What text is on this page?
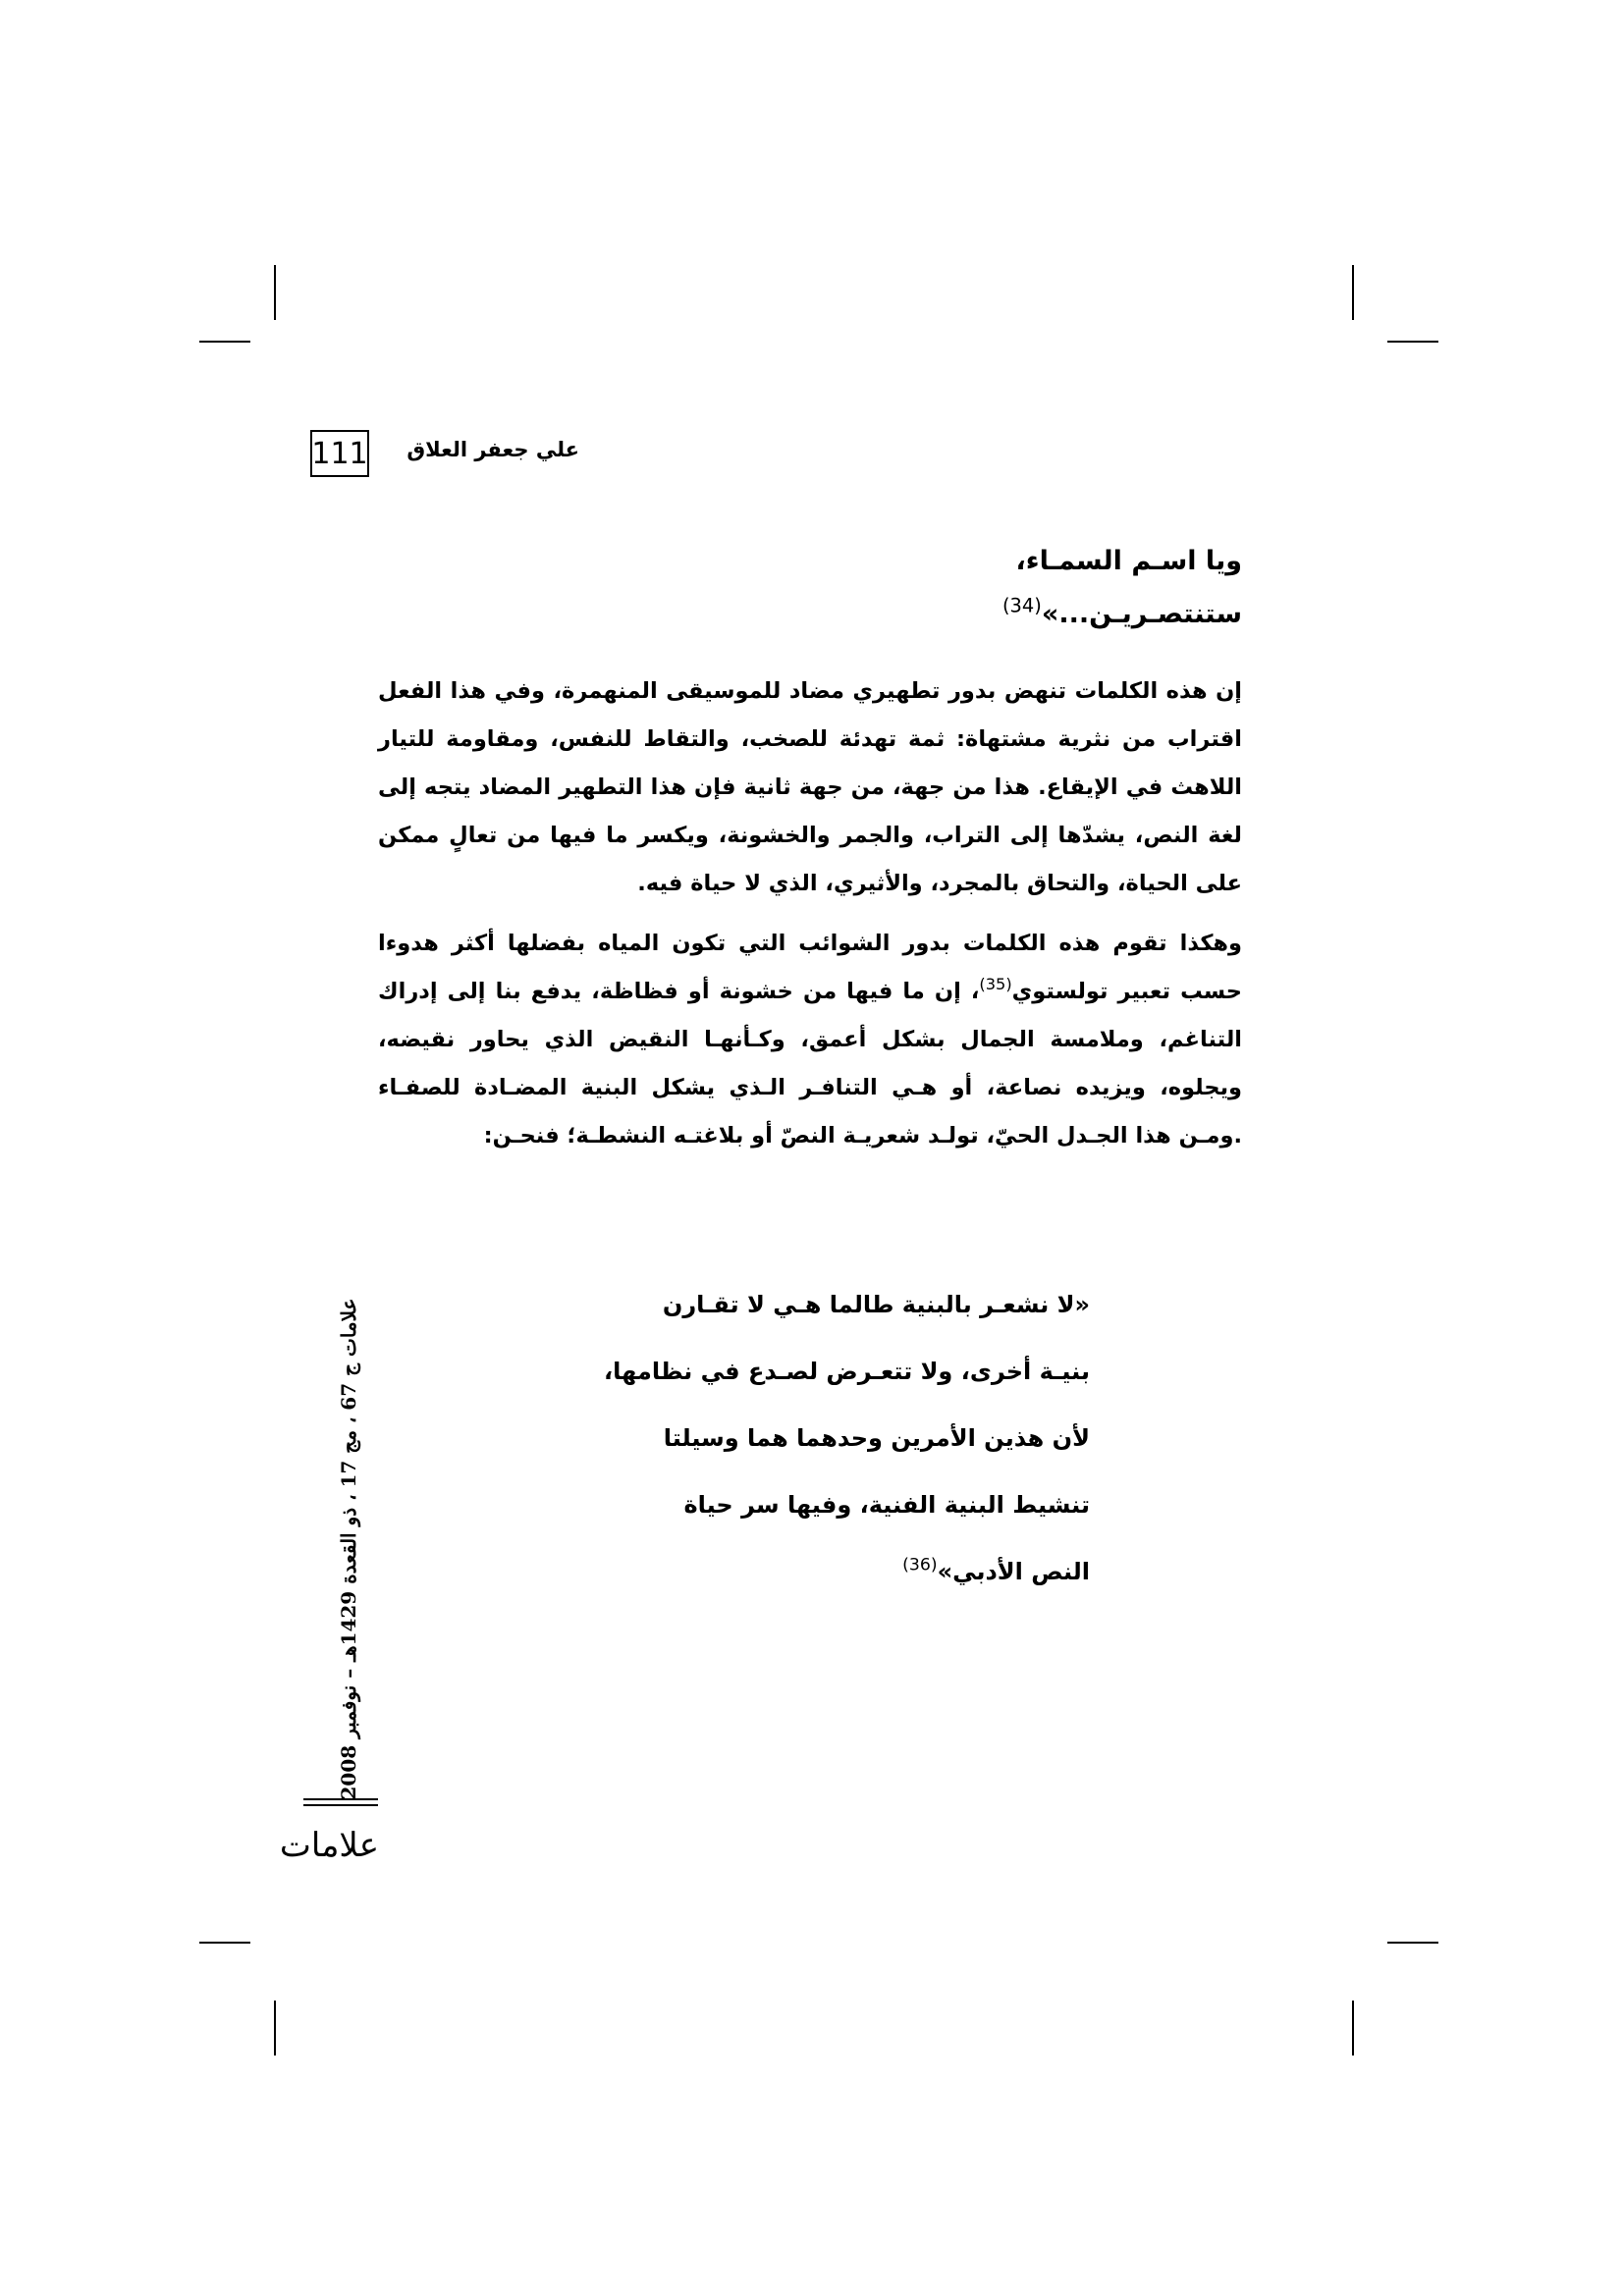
111 علي جعفر العلاق
ويا اسـم السمـاء،
ستنتصـريـن...»$^{(34)}$

إن هذه الكلمات تنهض بدور تطهيري مضاد للموسيقى المنهمرة، وفي هذا الفعل اقتراب من نثرية مشتهاة: ثمة تهدئة للصخب، والتقاط للنفس، ومقاومة للتيار اللاهث في الإيقاع. هذا من جهة، من جهة ثانية فإن هذا التطهير المضاد يتجه إلى لغة النص، يشدّها إلى التراب، والجمر والخشونة، ويكسر ما فيها من تعالٍ ممكن على الحياة، والتحاق بالمجرد، والأثيري، الذي لا حياة فيه.

وهكذا تقوم هذه الكلمات بدور الشوائب التي تكون المياه بفضلها أكثر هدوءا حسب تعبير تولستوي$^{(35)}$، إن ما فيها من خشونة أو فظاظة، يدفع بنا إلى إدراك التناغم، وملامسة الجمال بشكل أعمق، وكـأنهـا النقيض الذي يحاور نقيضه، ويجلوه، ويزيده نصاعة، أو هـي التنافـر الـذي يشكل البنية المضـادة للصفـاء .ومـن هذا الجـدل الحيّ، تولـد شعريـة النصّ أو بلاغتـه النشطـة؛ فنحـن:

«لا نشعـر بالبنية طالما هـي لا تقـارن
بنيـة أخرى، ولا تتعـرض لصـدع في نظامها،
لأن هذين الأمرين وحدهما هما وسيلتا
تنشيط البنية الفنية، وفيها سر حياة
النص الأدبي»$^{(36)}$
علامات ج 67 ، مج 17 ، ذو القعدة 1429هـ – نوفمبر 2008
علامات
